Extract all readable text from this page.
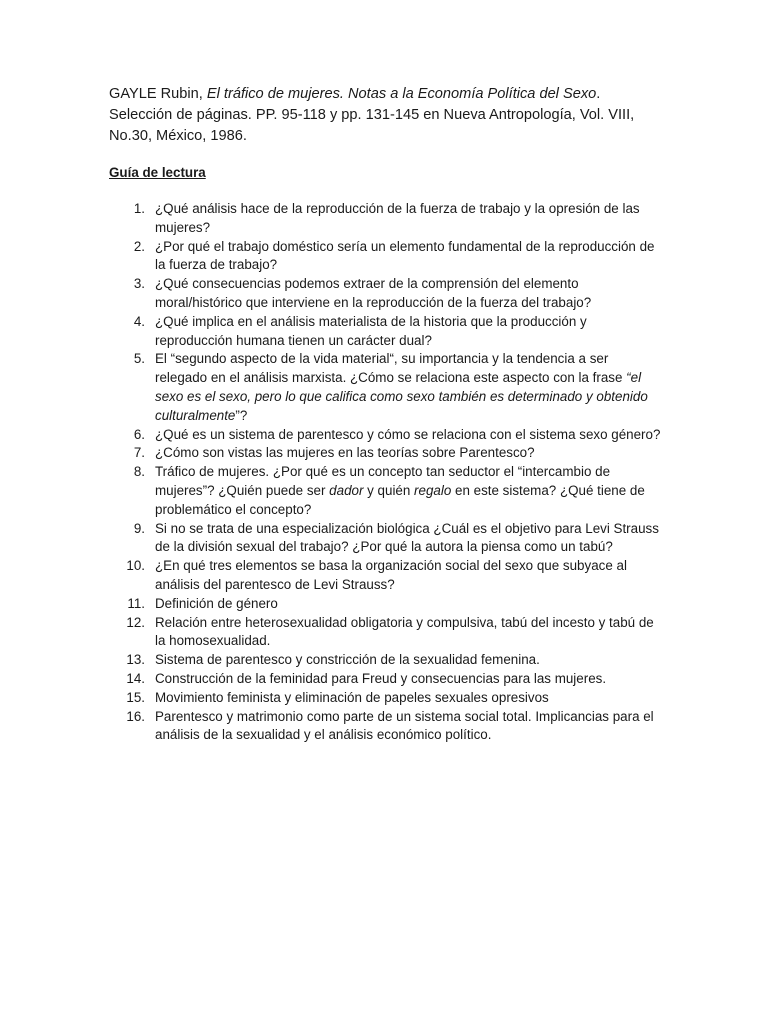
GAYLE Rubin, El tráfico de mujeres. Notas a la Economía Política del Sexo. Selección de páginas. PP. 95-118 y pp. 131-145 en Nueva Antropología, Vol. VIII, No.30, México, 1986.

Guía de lectura
1. ¿Qué análisis hace de la reproducción de la fuerza de trabajo y la opresión de las mujeres?
2. ¿Por qué el trabajo doméstico sería un elemento fundamental de la reproducción de la fuerza de trabajo?
3. ¿Qué consecuencias podemos extraer de la comprensión del elemento moral/histórico que interviene en la reproducción de la fuerza del trabajo?
4. ¿Qué implica en el análisis materialista de la historia que la producción y reproducción humana tienen un carácter dual?
5. El “segundo aspecto de la vida material“, su importancia y la tendencia a ser relegado en el análisis marxista. ¿Cómo se relaciona este aspecto con la frase “el sexo es el sexo, pero lo que califica como sexo también es determinado y obtenido culturalmente”?
6. ¿Qué es un sistema de parentesco y cómo se relaciona con el sistema sexo género?
7. ¿Cómo son vistas las mujeres en las teorías sobre Parentesco?
8. Tráfico de mujeres. ¿Por qué es un concepto tan seductor el “intercambio de mujeres”? ¿Quién puede ser dador y quién regalo en este sistema? ¿Qué tiene de problemático el concepto?
9. Si no se trata de una especialización biológica ¿Cuál es el objetivo para Levi Strauss de la división sexual del trabajo? ¿Por qué la autora la piensa como un tabú?
10. ¿En qué tres elementos se basa la organización social del sexo que subyace al análisis del parentesco de Levi Strauss?
11. Definición de género
12. Relación entre heterosexualidad obligatoria y compulsiva, tabú del incesto y tabú de la homosexualidad.
13. Sistema de parentesco y constricción de la sexualidad femenina.
14. Construcción de la feminidad para Freud y consecuencias para las mujeres.
15. Movimiento feminista y eliminación de papeles sexuales opresivos
16. Parentesco y matrimonio como parte de un sistema social total. Implicancias para el análisis de la sexualidad y el análisis económico político.
